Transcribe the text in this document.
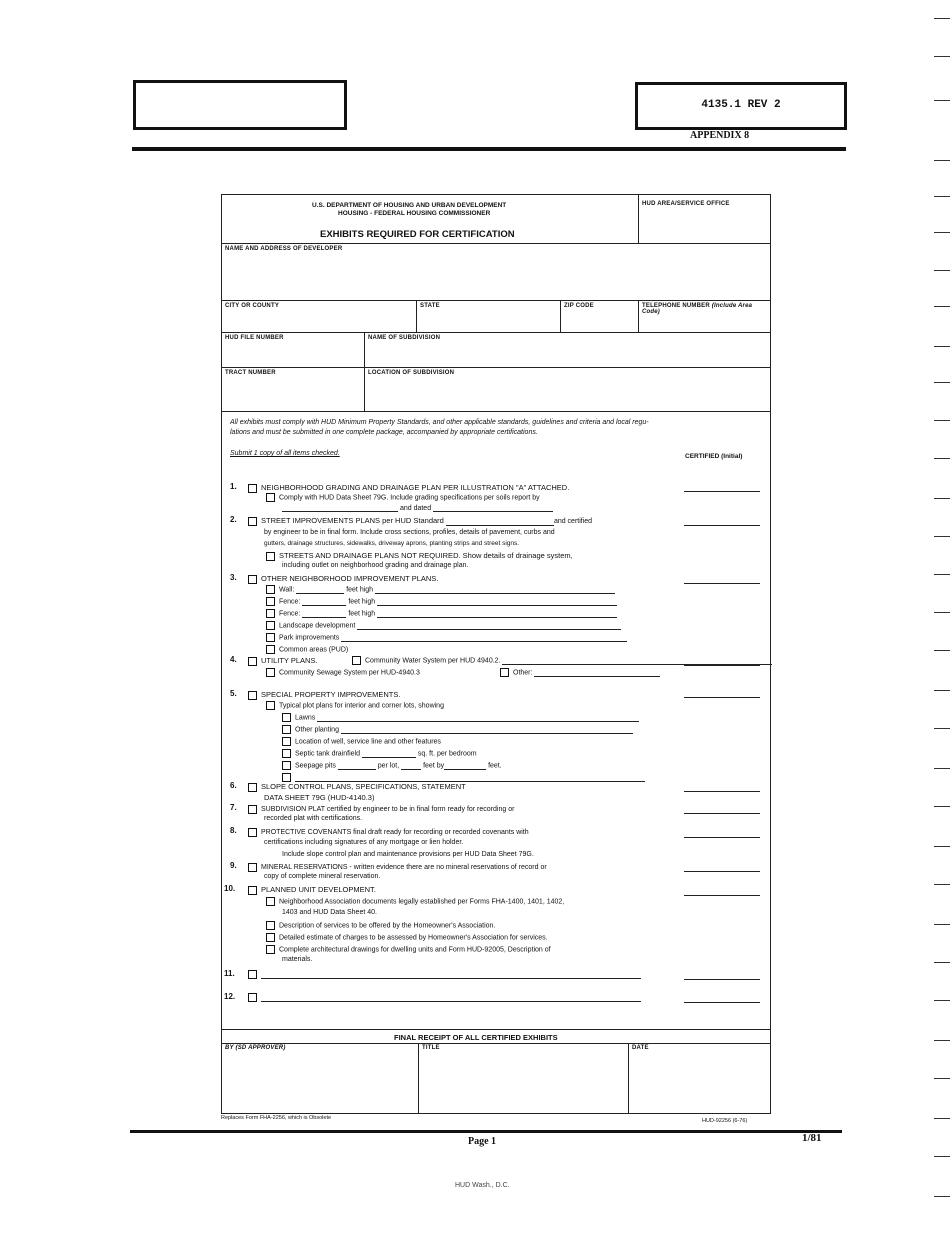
4135.1 REV 2
APPENDIX 8
U.S. DEPARTMENT OF HOUSING AND URBAN DEVELOPMENT
HOUSING - FEDERAL HOUSING COMMISSIONER
EXHIBITS REQUIRED FOR CERTIFICATION
HUD AREA/SERVICE OFFICE
NAME AND ADDRESS OF DEVELOPER
CITY OR COUNTY	STATE	ZIP CODE	TELEPHONE NUMBER (Include Area Code)
HUD FILE NUMBER	NAME OF SUBDIVISION
TRACT NUMBER	LOCATION OF SUBDIVISION
All exhibits must comply with HUD Minimum Property Standards, and other applicable standards, guidelines and criteria and local regu-
lations and must be submitted in one complete package, accompanied by appropriate certifications.
Submit 1 copy of all items checked.	CERTIFIED (Initial)
1.	NEIGHBORHOOD GRADING AND DRAINAGE PLAN PER ILLUSTRATION "A" ATTACHED.
Comply with HUD Data Sheet 79G. Include grading specifications per soils report by
and dated
2.	STREET IMPROVEMENTS PLANS per HUD Standard	and certified
by engineer to be in final form. Include cross sections, profiles, details of pavement, curbs and
gutters, drainage structures, sidewalks, driveway aprons, planting strips and street signs.
STREETS AND DRAINAGE PLANS NOT REQUIRED. Show details of drainage system,
including outlet on neighborhood grading and drainage plan.
3.	OTHER NEIGHBORHOOD IMPROVEMENT PLANS.
Wall:	feet high
Fence:	feet high
Fence:	feet high
Landscape development
Park improvements
Common areas (PUD)
4.	UTILITY PLANS.	Community Water System per HUD 4940.2.
Community Sewage System per HUD-4940.3	Other:
5.	SPECIAL PROPERTY IMPROVEMENTS.
Typical plot plans for interior and corner lots, showing
Lawns
Other planting
Location of well, service line and other features
Septic tank drainfield	sq. ft. per bedroom
Seepage pits	per lot,	feet by	feet.
6.	SLOPE CONTROL PLANS, SPECIFICATIONS, STATEMENT
DATA SHEET 79G (HUD-4140.3)
7.	SUBDIVISION PLAT certified by engineer to be in final form ready for recording or
recorded plat with certifications.
8.	PROTECTIVE COVENANTS final draft ready for recording or recorded covenants with
certifications including signatures of any mortgage or lien holder.
Include slope control plan and maintenance provisions per HUD Data Sheet 79G.
9.	MINERAL RESERVATIONS - written evidence there are no mineral reservations of record or
copy of complete mineral reservation.
10.	PLANNED UNIT DEVELOPMENT.
Neighborhood Association documents legally established per Forms FHA-1400, 1401, 1402,
1403 and HUD Data Sheet 40.
Description of services to be offered by the Homeowner's Association.
Detailed estimate of charges to be assessed by Homeowner's Association for services.
Complete architectural drawings for dwelling units and Form HUD-92005, Description of
materials.
11.
12.
FINAL RECEIPT OF ALL CERTIFIED EXHIBITS
BY (SD APPROVER)	TITLE	DATE
Replaces Form FHA-2256, which is Obsolete	HUD-92256 (6-76)
Page 1	1/81
HUD Wash., D.C.
